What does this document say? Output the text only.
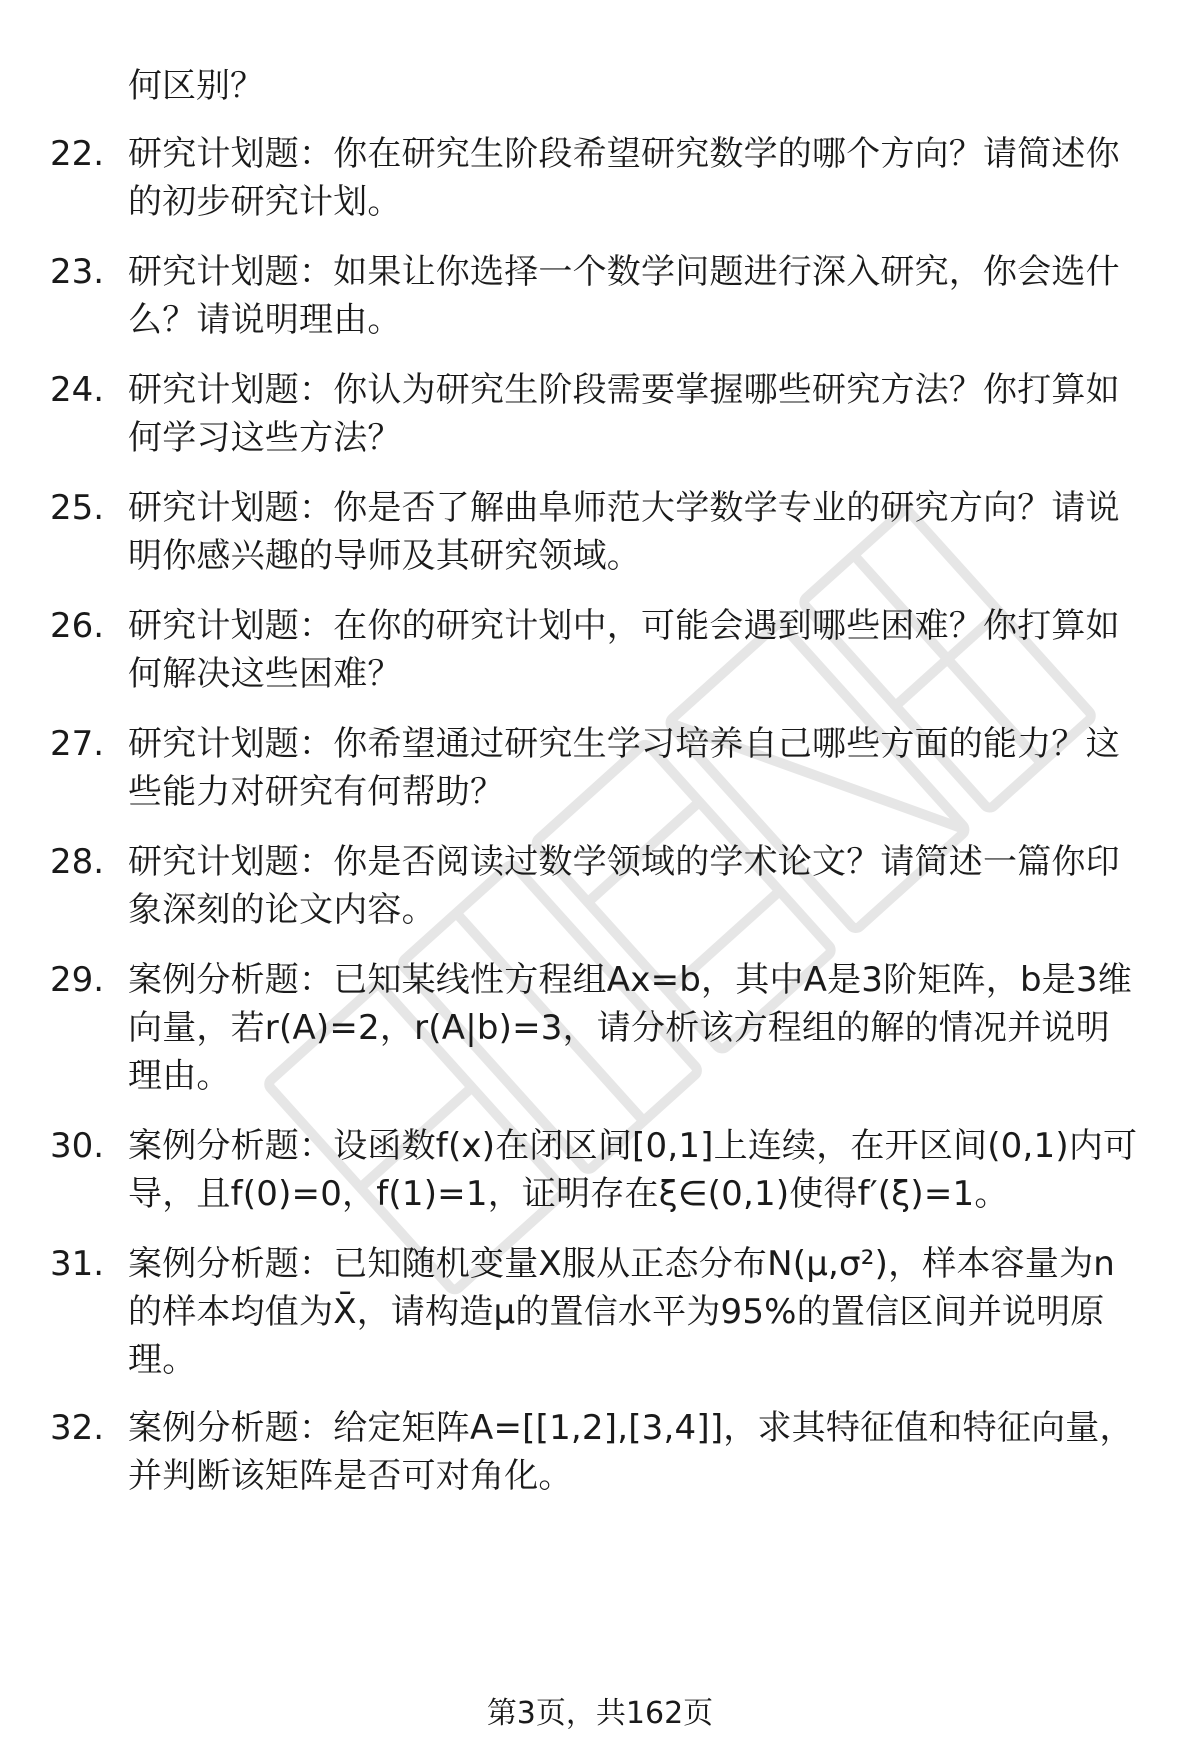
何区别？

22. 研究计划题：你在研究生阶段希望研究数学的哪个方向？请简述你的初步研究计划。

23. 研究计划题：如果让你选择一个数学问题进行深入研究，你会选什么？请说明理由。

24. 研究计划题：你认为研究生阶段需要掌握哪些研究方法？你打算如何学习这些方法？

25. 研究计划题：你是否了解曲阜师范大学数学专业的研究方向？请说明你感兴趣的导师及其研究领域。

26. 研究计划题：在你的研究计划中，可能会遇到哪些困难？你打算如何解决这些困难？

27. 研究计划题：你希望通过研究生学习培养自己哪些方面的能力？这些能力对研究有何帮助？

28. 研究计划题：你是否阅读过数学领域的学术论文？请简述一篇你印象深刻的论文内容。

29. 案例分析题：已知某线性方程组Ax=b，其中A是3阶矩阵，b是3维向量，若r(A)=2，r(A|b)=3，请分析该方程组的解的情况并说明理由。

30. 案例分析题：设函数f(x)在闭区间[0,1]上连续，在开区间(0,1)内可导，且f(0)=0，f(1)=1，证明存在ξ∈(0,1)使得f′(ξ)=1。

31. 案例分析题：已知随机变量X服从正态分布N(μ,σ²)，样本容量为n的样本均值为X̄，请构造μ的置信水平为95%的置信区间并说明原理。

32. 案例分析题：给定矩阵A=[[1,2],[3,4]]，求其特征值和特征向量，并判断该矩阵是否可对角化。

第3页，共162页
